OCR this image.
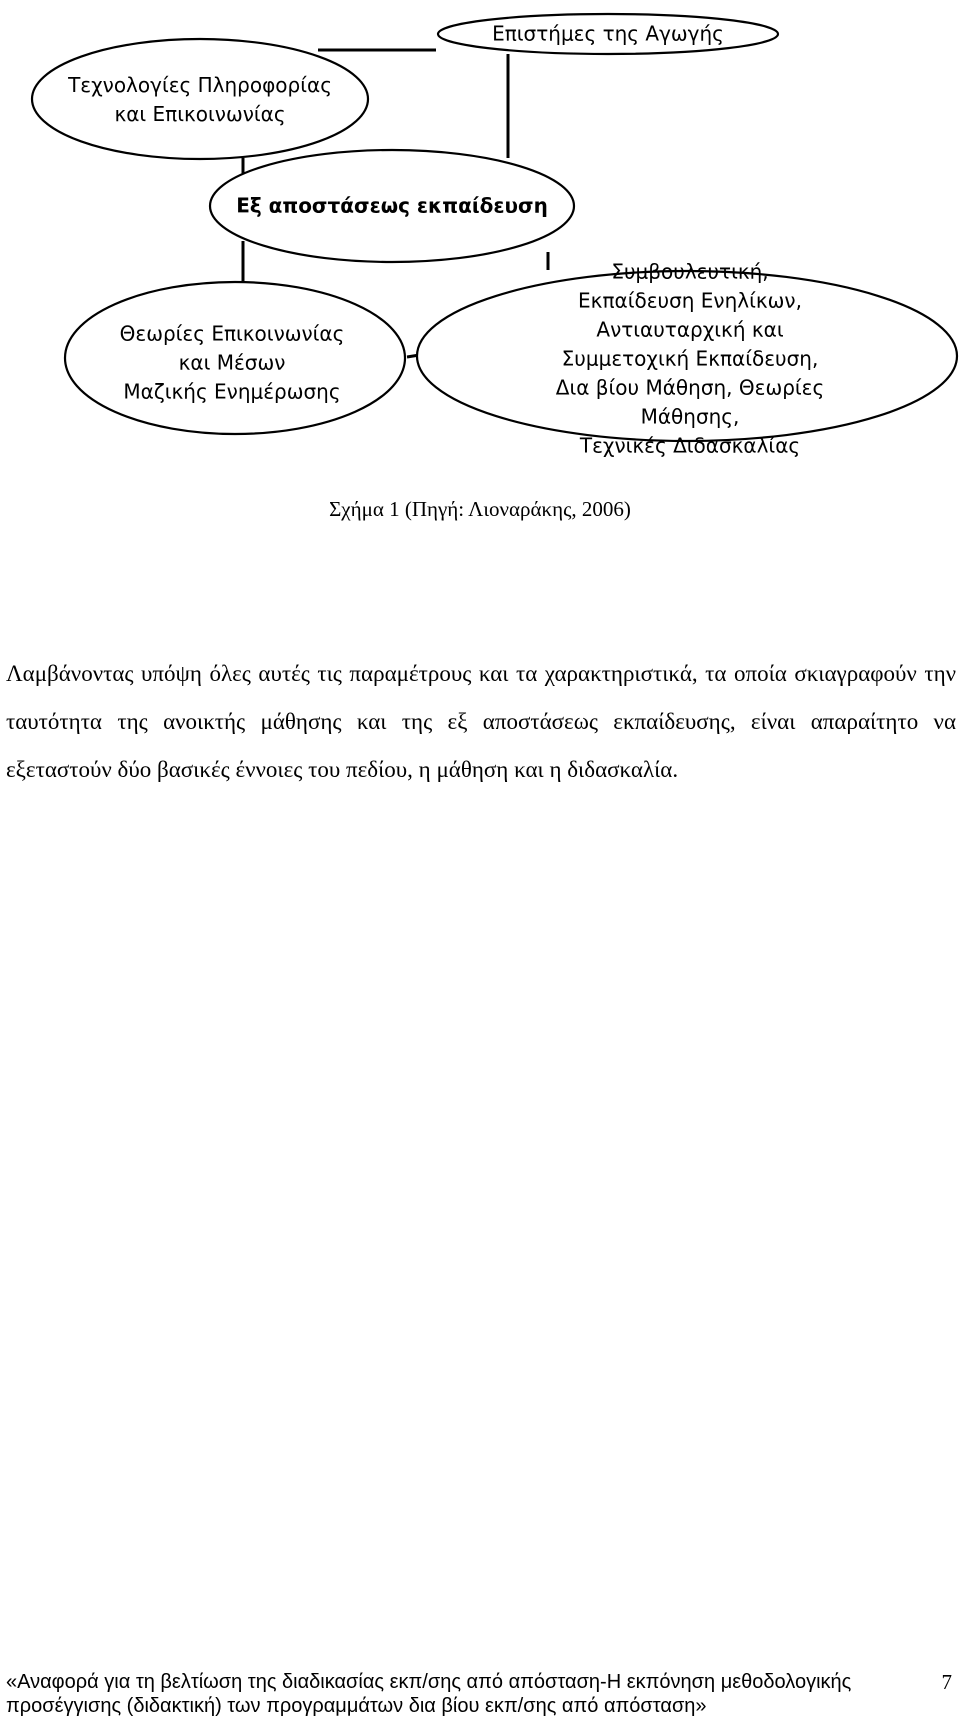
Επιστήμες της Αγωγής
Τεχνολογίες Πληροφορίας
και Επικοινωνίας
Εξ αποστάσεως εκπαίδευση
Θεωρίες Επικοινωνίας
και Μέσων
Μαζικής Ενημέρωσης
Συμβουλευτική, Εκπαίδευση Ενηλίκων,
Αντιαυταρχική και Συμμετοχική Εκπαίδευση,
Δια βίου Μάθηση, Θεωρίες Μάθησης,
Τεχνικές Διδασκαλίας
Σχήμα 1 (Πηγή: Λιοναράκης, 2006)

Λαμβάνοντας υπόψη όλες αυτές τις παραμέτρους και τα χαρακτηριστικά, τα οποία σκιαγραφούν την ταυτότητα της ανοικτής μάθησης και της εξ αποστάσεως εκπαίδευσης, είναι απαραίτητο να εξεταστούν δύο βασικές έννοιες του πεδίου, η μάθηση και η διδασκαλία.

«Αναφορά για τη βελτίωση της διαδικασίας εκπ/σης από απόσταση-Η εκπόνηση μεθοδολογικής προσέγγισης (διδακτική) των προγραμμάτων δια βίου εκπ/σης από απόσταση»
7
